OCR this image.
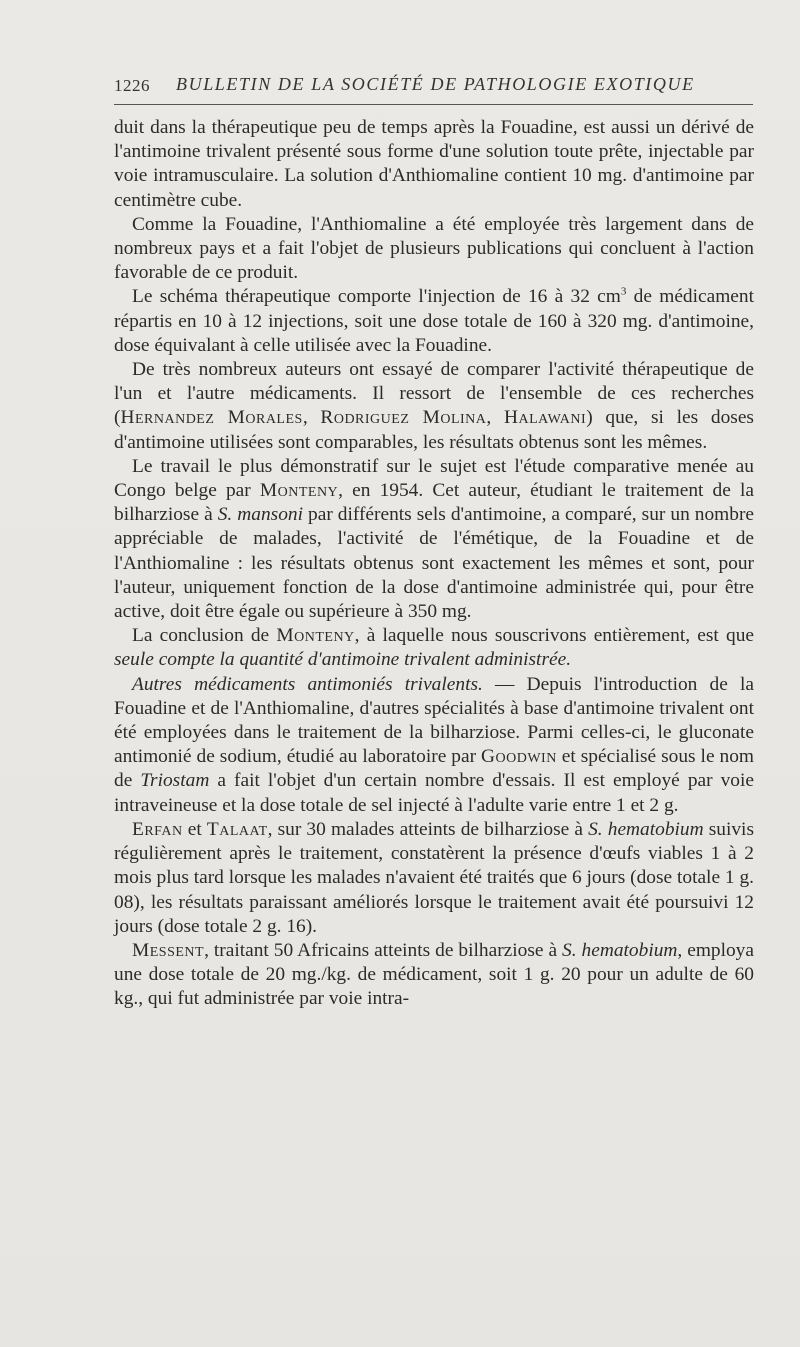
1226 BULLETIN DE LA SOCIÉTÉ DE PATHOLOGIE EXOTIQUE

duit dans la thérapeutique peu de temps après la Fouadine, est aussi un dérivé de l'antimoine trivalent présenté sous forme d'une solution toute prête, injectable par voie intramusculaire. La solution d'Anthiomaline contient 10 mg. d'antimoine par centimètre cube.

Comme la Fouadine, l'Anthiomaline a été employée très largement dans de nombreux pays et a fait l'objet de plusieurs publications qui concluent à l'action favorable de ce produit.

Le schéma thérapeutique comporte l'injection de 16 à 32 $cm^3$ de médicament répartis en 10 à 12 injections, soit une dose totale de 160 à 320 mg. d'antimoine, dose équivalant à celle utilisée avec la Fouadine.

De très nombreux auteurs ont essayé de comparer l'activité thérapeutique de l'un et l'autre médicaments. Il ressort de l'ensemble de ces recherches (Hernandez Morales, Rodriguez Molina, Halawani) que, si les doses d'antimoine utilisées sont comparables, les résultats obtenus sont les mêmes.

Le travail le plus démonstratif sur le sujet est l'étude comparative menée au Congo belge par Monteny, en 1954. Cet auteur, étudiant le traitement de la bilharziose à S. mansoni par différents sels d'antimoine, a comparé, sur un nombre appréciable de malades, l'activité de l'émétique, de la Fouadine et de l'Anthiomaline : les résultats obtenus sont exactement les mêmes et sont, pour l'auteur, uniquement fonction de la dose d'antimoine administrée qui, pour être active, doit être égale ou supérieure à 350 mg.

La conclusion de Monteny, à laquelle nous souscrivons entièrement, est que seule compte la quantité d'antimoine trivalent administrée.

Autres médicaments antimoniés trivalents. — Depuis l'introduction de la Fouadine et de l'Anthiomaline, d'autres spécialités à base d'antimoine trivalent ont été employées dans le traitement de la bilharziose. Parmi celles-ci, le gluconate antimonié de sodium, étudié au laboratoire par Goodwin et spécialisé sous le nom de Triostam a fait l'objet d'un certain nombre d'essais. Il est employé par voie intraveineuse et la dose totale de sel injecté à l'adulte varie entre 1 et 2 g.

Erfan et Talaat, sur 30 malades atteints de bilharziose à S. hematobium suivis régulièrement après le traitement, constatèrent la présence d'œufs viables 1 à 2 mois plus tard lorsque les malades n'avaient été traités que 6 jours (dose totale 1 g. 08), les résultats paraissant améliorés lorsque le traitement avait été poursuivi 12 jours (dose totale 2 g. 16).

Messent, traitant 50 Africains atteints de bilharziose à S. hematobium, employa une dose totale de 20 mg./kg. de médicament, soit 1 g. 20 pour un adulte de 60 kg., qui fut administrée par voie intra-
